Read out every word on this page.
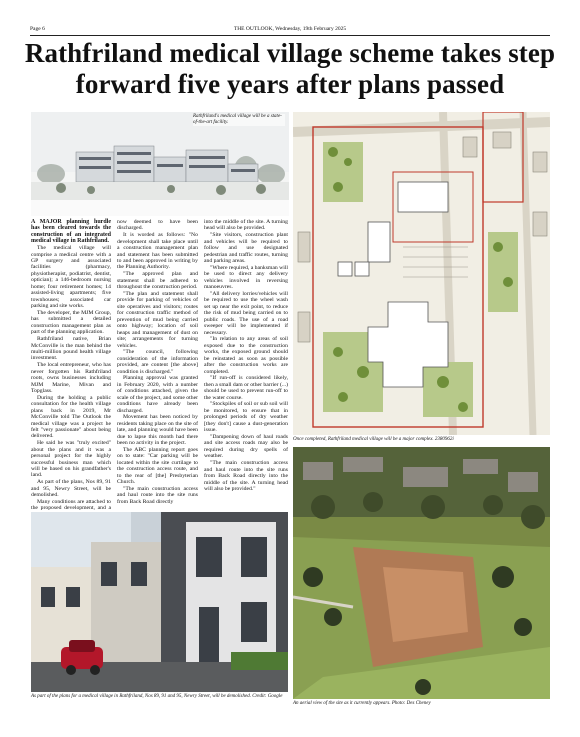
Page 6	THE OUTLOOK, Wednesday, 19th February 2025
Rathfriland medical village scheme takes step forward five years after plans passed
Rathfriland's medical village will be a state-of-the-art facility.

A MAJOR planning hurdle has been cleared towards the construction of an integrated medical village in Rathfriland.

The medical village will comprise a medical centre with a GP surgery and associated facilities (pharmacy, physiotherapist, podiatrist, dentist, optician); a 146-bedroom nursing home; four retirement homes; 14 assisted-living apartments; five townhouses; associated car parking and site works.

The developer, the MJM Group, has submitted a detailed construction management plan as part of the planning application.

Rathfriland native, Brian McConville is the man behind the multi-million pound health village investment.

The local entrepreneur, who has never forgotten his Rathfriland roots, owns businesses including MJM Marine, Mivan and Topglass.

During the holding a public consultation for the health village plans back in 2019, Mr McConville told The Outlook the medical village was a project he felt "very passionate" about being delivered.

He said he was "truly excited" about the plans and it was a personal project for the highly successful business man which will be based on his grandfather's land.

As part of the plans, Nos 89, 91 and 95, Newry Street, will be demolished.

Many conditions are attached to the proposed development, and a

now deemed to have been discharged.

It is worded as follows: "No development shall take place until a construction management plan and statement has been submitted to and been approved in writing by the Planning Authority.

"The approved plan and statement shall be adhered to throughout the construction period.

"The plan and statement shall provide for parking of vehicles of site operatives and visitors; routes for construction traffic method of prevention of mud being carried onto highway; location of soil heaps and management of dust on site; arrangements for turning vehicles.

"The council, following consideration of the information provided, are content [the above] condition is discharged."

Planning approval was granted in February 2020, with a number of conditions attached, given the scale of the project, and some other conditions have already been discharged.

Movement has been noticed by residents taking place on the site of late, and planning would have been due to lapse this month had there been no activity in the project.

The ABC planning report goes on to state: "Car parking will be located within the site curtilage to the construction access route, and to the rear of [the] Presbyterian Church.

"The main construction access and haul route into the site runs from Back Road directly

into the middle of the site. A turning head will also be provided.

"Site visitors, construction plant and vehicles will be required to follow and use designated pedestrian and traffic routes, turning and parking areas.

"Where required, a banksman will be used to direct any delivery vehicles involved in reversing manoeuvres.

"All delivery lorries/vehicles will be required to use the wheel wash set up near the exit point, to reduce the risk of mud being carried on to public roads. The use of a road sweeper will be implemented if necessary.

"In relation to any areas of soil exposed due to the construction works, the exposed ground should be reinstated as soon as possible after the construction works are completed.

"If run-off is considered likely, then a small dam or other barrier (...) should be used to prevent run-off to the water course.

"Stockpiles of soil or sub soil will be monitored, to ensure that in prolonged periods of dry weather [they don't] cause a dust-generation issue.

"Dampening down of haul roads and site access roads may also be required during dry spells of weather.

"The main construction access and haul route into the site runs from Back Road directly into the middle of the site. A turning head will also be provided."

Once completed, Rathfriland medical village will be a major complex. 2380962i
An aerial view of the site as it currently appears. Photo: Des Cheney
As part of the plans for a medical village in Rathfriland, Nos 89, 91 and 95, Newry Street, will be demolished. Credit: Google
